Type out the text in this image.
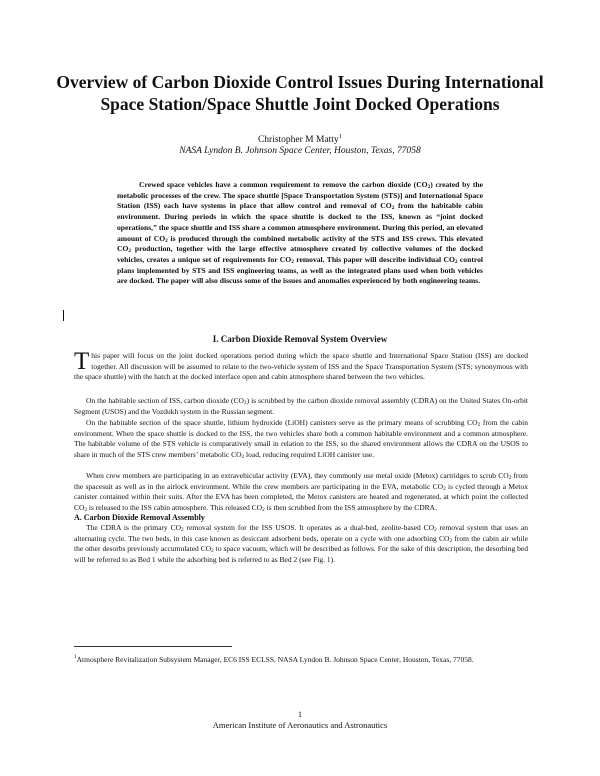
Overview of Carbon Dioxide Control Issues During International
Space Station/Space Shuttle Joint Docked Operations
Christopher M Matty$^1$
NASA Lyndon B. Johnson Space Center, Houston, Texas, 77058

Crewed space vehicles have a common requirement to remove the carbon dioxide $(CO_2)$ created by the metabolic processes of the crew. The space shuttle [Space Transportation System (STS)] and International Space Station (ISS) each have systems in place that allow control and removal of $CO_2$ from the habitable cabin environment. During periods in which the space shuttle is docked to the ISS, known as “joint docked operations,” the space shuttle and ISS share a common atmosphere environment. During this period, an elevated amount of $CO_2$ is produced through the combined metabolic activity of the STS and ISS crews. This elevated $CO_2$ production, together with the large effective atmosphere created by collective volumes of the docked vehicles, creates a unique set of requirements for $CO_2$ removal. This paper will describe individual $CO_2$ control plans implemented by STS and ISS engineering teams, as well as the integrated plans used when both vehicles are docked. The paper will also discuss some of the issues and anomalies experienced by both engineering teams.

I. Carbon Dioxide Removal System Overview

This paper will focus on the joint docked operations period during which the space shuttle and International Space Station (ISS) are docked together. All discussion will be assumed to relate to the two-vehicle system of ISS and the Space Transportation System (STS; synonymous with the space shuttle) with the hatch at the docked interface open and cabin atmosphere shared between the two vehicles.

On the habitable section of ISS, carbon dioxide $(CO_2)$ is scrubbed by the carbon dioxide removal assembly (CDRA) on the United States On-orbit Segment (USOS) and the Vozdukh system in the Russian segment.

On the habitable section of the space shuttle, lithium hydroxide (LiOH) canisters serve as the primary means of scrubbing $CO_2$ from the cabin environment. When the space shuttle is docked to the ISS, the two vehicles share both a common habitable environment and a common atmosphere. The habitable volume of the STS vehicle is comparatively small in relation to the ISS, so the shared environment allows the CDRA on the USOS to share in much of the STS crew members’ metabolic $CO_2$ load, reducing required LiOH canister use.

When crew members are participating in an extravehicular activity (EVA), they commonly use metal oxide (Metox) cartridges to scrub $CO_2$ from the spacesuit as well as in the airlock environment. While the crew members are participating in the EVA, metabolic $CO_2$ is cycled through a Metox canister contained within their suits. After the EVA has been completed, the Metox canisters are heated and regenerated, at which point the collected $CO_2$ is released to the ISS cabin atmosphere. This released $CO_2$ is then scrubbed from the ISS atmosphere by the CDRA.

A. Carbon Dioxide Removal Assembly

The CDRA is the primary $CO_2$ removal system for the ISS USOS. It operates as a dual-bed, zeolite-based $CO_2$ removal system that uses an alternating cycle. The two beds, in this case known as desiccant adsorbent beds, operate on a cycle with one adsorbing $CO_2$ from the cabin air while the other desorbs previously accumulated $CO_2$ to space vacuum, which will be described as follows. For the sake of this description, the desorbing bed will be referred to as Bed 1 while the adsorbing bed is referred to as Bed 2 (see Fig. 1).

$^1$Atmosphere Revitalization Subsystem Manager, EC6 ISS ECLSS, NASA Lyndon B. Johnson Space Center, Houston, Texas, 77058.

1
American Institute of Aeronautics and Astronautics
